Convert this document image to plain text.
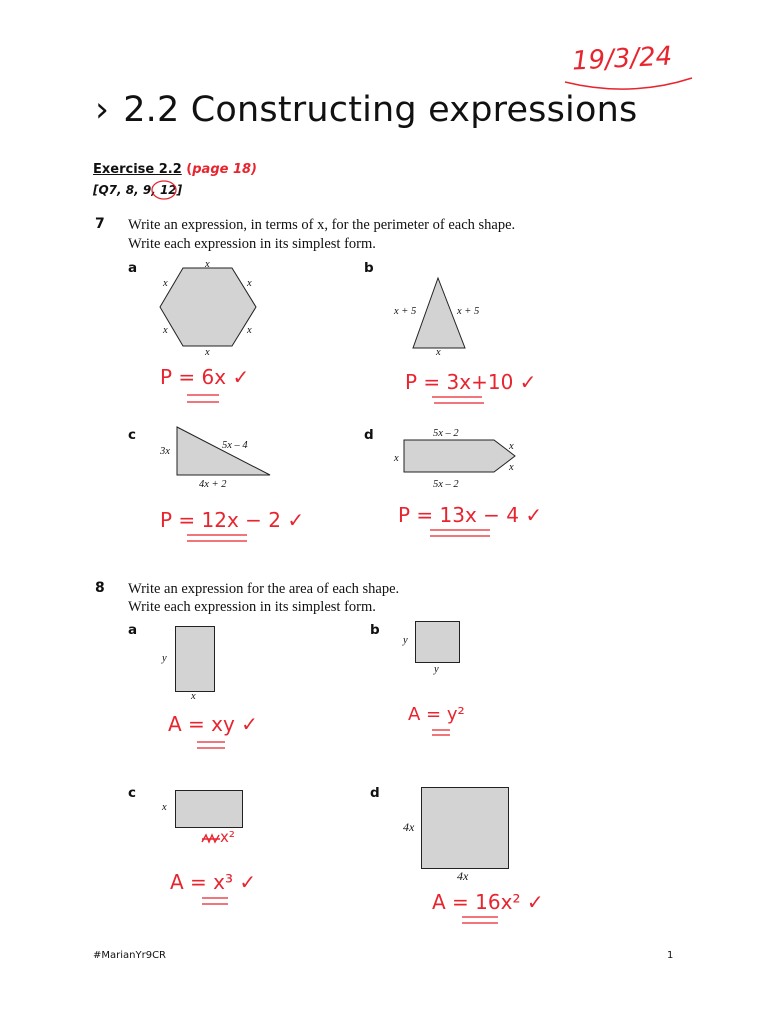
19/3/24
› 2.2 Constructing expressions
Exercise 2.2 (page 18)
[Q7, 8, 9, 12]
7 Write an expression, in terms of x, for the perimeter of each shape.
Write each expression in its simplest form.
a	x
x	x
x	x
x
P = 6x ✓
b
x + 5	x + 5
x
P = 3x+10 ✓
c
3x
5x – 4
4x + 2
P = 12x − 2 ✓
d	5x – 2
x
x
x
5x – 2
P = 13x − 4 ✓
8 Write an expression for the area of each shape.
Write each expression in its simplest form.
a
y
x
A = xy ✓
b
y
y
A = y²
c
x
x²
A = x³ ✓
d
4x
4x
A = 16x² ✓
#MarianYr9CR	1
